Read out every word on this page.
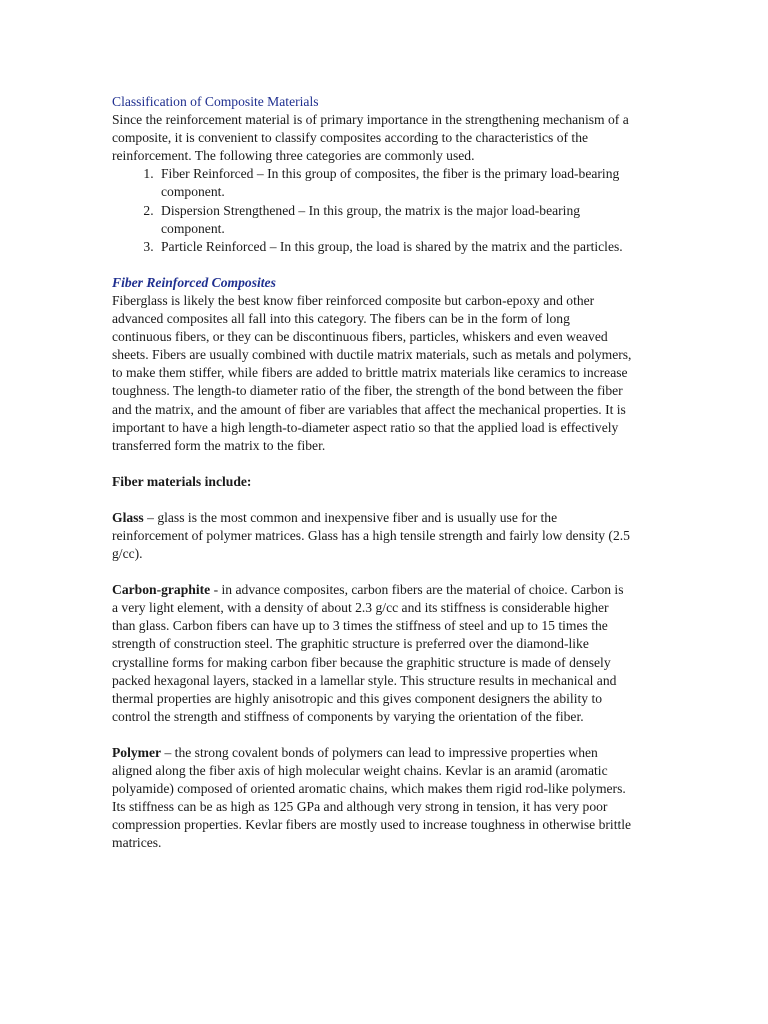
Classification of Composite Materials

Since the reinforcement material is of primary importance in the strengthening mechanism of a composite, it is convenient to classify composites according to the characteristics of the reinforcement. The following three categories are commonly used.

1. Fiber Reinforced – In this group of composites, the fiber is the primary load-bearing component.
2. Dispersion Strengthened – In this group, the matrix is the major load-bearing component.
3. Particle Reinforced – In this group, the load is shared by the matrix and the particles.
Fiber Reinforced Composites

Fiberglass is likely the best know fiber reinforced composite but carbon-epoxy and other advanced composites all fall into this category. The fibers can be in the form of long continuous fibers, or they can be discontinuous fibers, particles, whiskers and even weaved sheets. Fibers are usually combined with ductile matrix materials, such as metals and polymers, to make them stiffer, while fibers are added to brittle matrix materials like ceramics to increase toughness. The length-to diameter ratio of the fiber, the strength of the bond between the fiber and the matrix, and the amount of fiber are variables that affect the mechanical properties. It is important to have a high length-to-diameter aspect ratio so that the applied load is effectively transferred form the matrix to the fiber.

Fiber materials include:

Glass – glass is the most common and inexpensive fiber and is usually use for the reinforcement of polymer matrices. Glass has a high tensile strength and fairly low density (2.5 g/cc).

Carbon-graphite - in advance composites, carbon fibers are the material of choice. Carbon is a very light element, with a density of about 2.3 g/cc and its stiffness is considerable higher than glass. Carbon fibers can have up to 3 times the stiffness of steel and up to 15 times the strength of construction steel. The graphitic structure is preferred over the diamond-like crystalline forms for making carbon fiber because the graphitic structure is made of densely packed hexagonal layers, stacked in a lamellar style. This structure results in mechanical and thermal properties are highly anisotropic and this gives component designers the ability to control the strength and stiffness of components by varying the orientation of the fiber.

Polymer – the strong covalent bonds of polymers can lead to impressive properties when aligned along the fiber axis of high molecular weight chains. Kevlar is an aramid (aromatic polyamide) composed of oriented aromatic chains, which makes them rigid rod-like polymers. Its stiffness can be as high as 125 GPa and although very strong in tension, it has very poor compression properties. Kevlar fibers are mostly used to increase toughness in otherwise brittle matrices.
